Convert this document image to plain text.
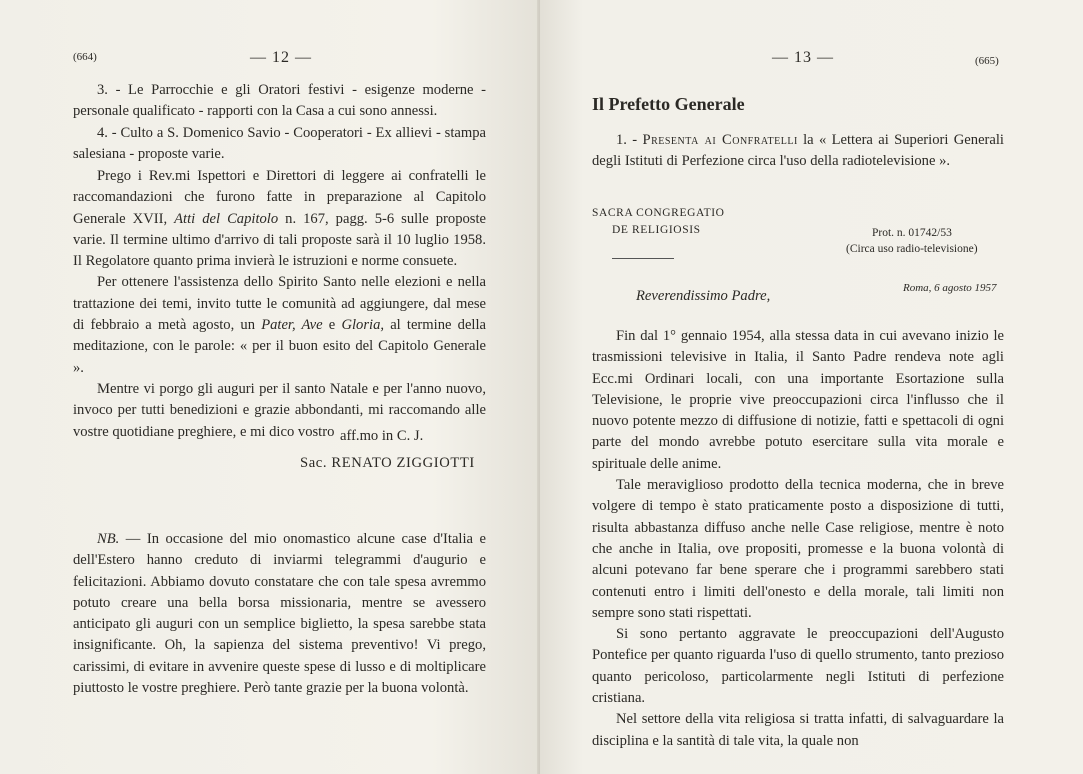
(664)	— 12 —

3. - Le Parrocchie e gli Oratori festivi - esigenze moderne - personale qualificato - rapporti con la Casa a cui sono annessi.

4. - Culto a S. Domenico Savio - Cooperatori - Ex allievi - stampa salesiana - proposte varie.

Prego i Rev.mi Ispettori e Direttori di leggere ai confratelli le raccomandazioni che furono fatte in preparazione al Capitolo Generale XVII, Atti del Capitolo n. 167, pagg. 5-6 sulle proposte varie. Il termine ultimo d'arrivo di tali proposte sarà il 10 luglio 1958. Il Regolatore quanto prima invierà le istruzioni e norme consuete.

Per ottenere l'assistenza dello Spirito Santo nelle elezioni e nella trattazione dei temi, invito tutte le comunità ad aggiungere, dal mese di febbraio a metà agosto, un Pater, Ave e Gloria, al termine della meditazione, con le parole: « per il buon esito del Capitolo Generale ».

Mentre vi porgo gli auguri per il santo Natale e per l'anno nuovo, invoco per tutti benedizioni e grazie abbondanti, mi raccomando alle vostre quotidiane preghiere, e mi dico vostro aff.mo in C. J.
Sac. RENATO ZIGGIOTTI

NB. — In occasione del mio onomastico alcune case d'Italia e dell'Estero hanno creduto di inviarmi telegrammi d'augurio e felicitazioni. Abbiamo dovuto constatare che con tale spesa avremmo potuto creare una bella borsa missionaria, mentre se avessero anticipato gli auguri con un semplice biglietto, la spesa sarebbe stata insignificante. Oh, la sapienza del sistema preventivo! Vi prego, carissimi, di evitare in avvenire queste spese di lusso e di moltiplicare piuttosto le vostre preghiere. Però tante grazie per la buona volontà.

— 13 —	(665)
Il Prefetto Generale

1. - Presenta ai Confratelli la « Lettera ai Superiori Generali degli Istituti di Perfezione circa l'uso della radiotelevisione ».

SACRA CONGREGATIO
DE RELIGIOSIS	Prot. n. 01742/53
(Circa uso radio-televisione)
Roma, 6 agosto 1957
Reverendissimo Padre,

Fin dal 1° gennaio 1954, alla stessa data in cui avevano inizio le trasmissioni televisive in Italia, il Santo Padre rendeva note agli Ecc.mi Ordinari locali, con una importante Esortazione sulla Televisione, le proprie vive preoccupazioni circa l'influsso che il nuovo potente mezzo di diffusione di notizie, fatti e spettacoli di ogni parte del mondo avrebbe potuto esercitare sulla vita morale e spirituale delle anime.

Tale meraviglioso prodotto della tecnica moderna, che in breve volgere di tempo è stato praticamente posto a disposizione di tutti, risulta abbastanza diffuso anche nelle Case religiose, mentre è noto che anche in Italia, ove propositi, promesse e la buona volontà di alcuni potevano far bene sperare che i programmi sarebbero stati contenuti entro i limiti dell'onesto e della morale, tali limiti non sempre sono stati rispettati.

Si sono pertanto aggravate le preoccupazioni dell'Augusto Pontefice per quanto riguarda l'uso di quello strumento, tanto prezioso quanto pericoloso, particolarmente negli Istituti di perfezione cristiana.

Nel settore della vita religiosa si tratta infatti, di salvaguardare la disciplina e la santità di tale vita, la quale non
